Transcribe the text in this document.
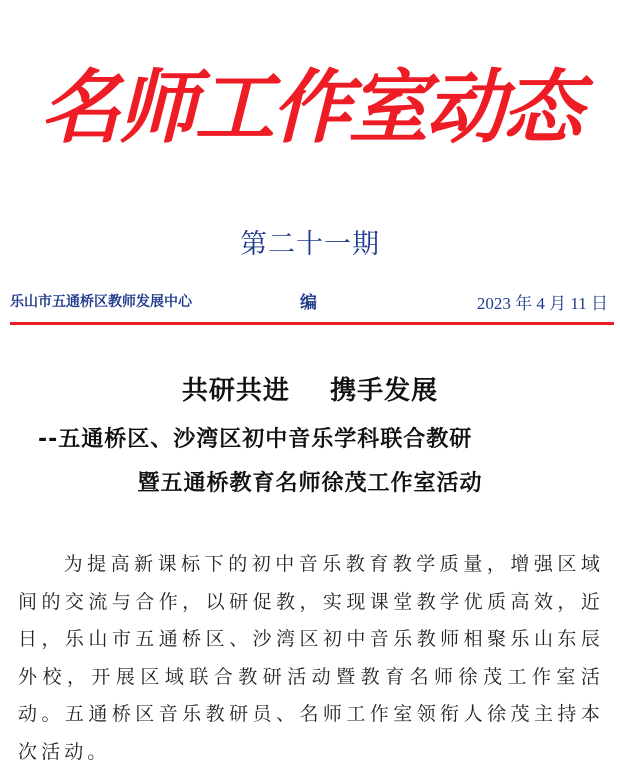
名师工作室动态
第二十一期
乐山市五通桥区教师发展中心	编	2023 年 4 月 11 日
共研共进    携手发展
--五通桥区、沙湾区初中音乐学科联合教研
暨五通桥教育名师徐茂工作室活动

为提高新课标下的初中音乐教育教学质量，增强区域间的交流与合作，以研促教，实现课堂教学优质高效，近日，乐山市五通桥区、沙湾区初中音乐教师相聚乐山东辰外校，开展区域联合教研活动暨教育名师徐茂工作室活动。五通桥区音乐教研员、名师工作室领衔人徐茂主持本次活动。
